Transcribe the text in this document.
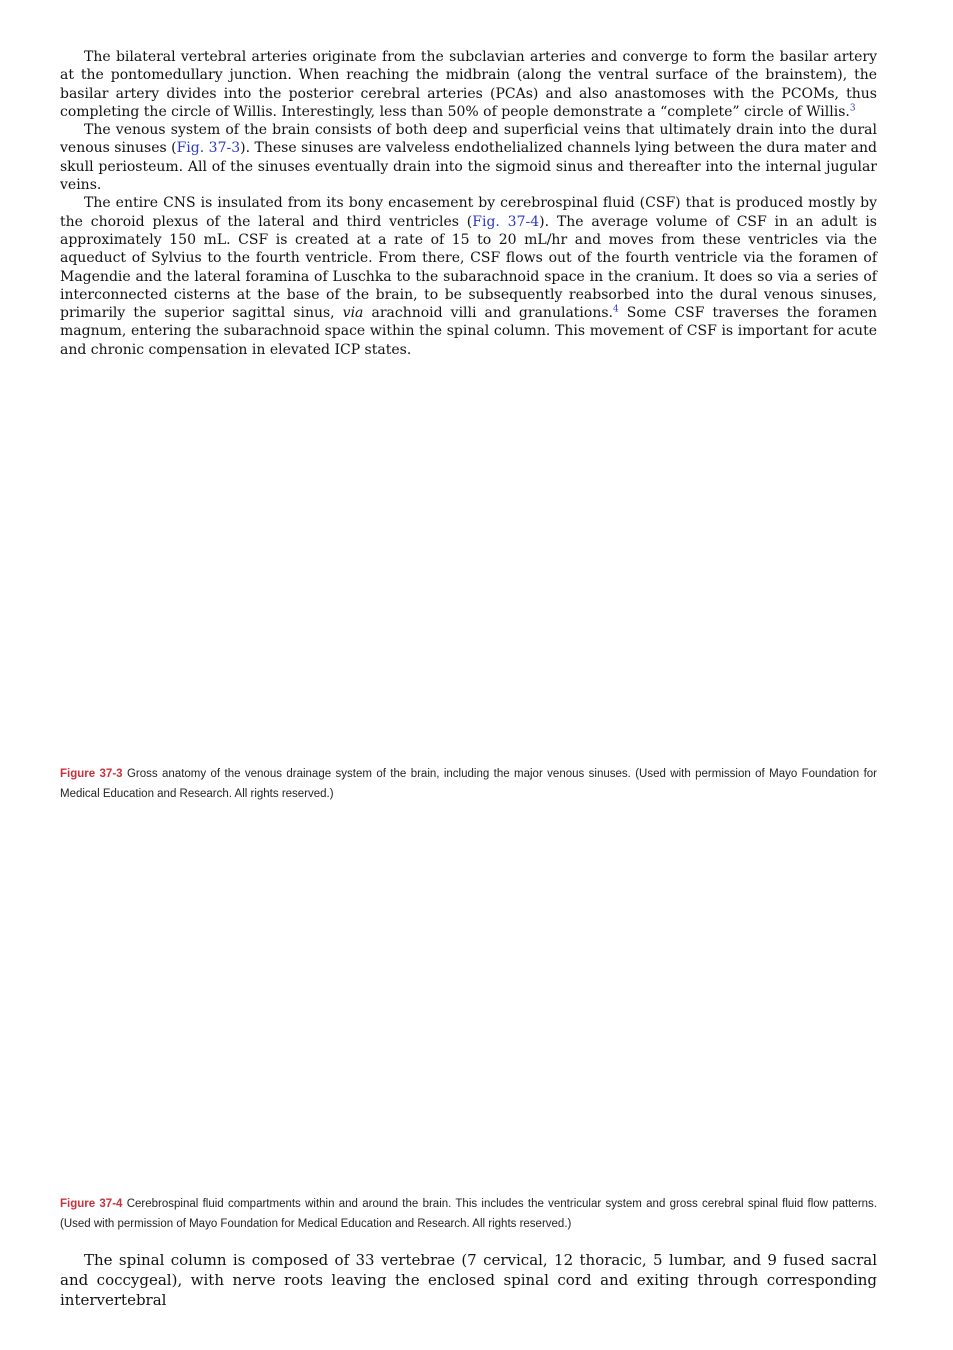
The bilateral vertebral arteries originate from the subclavian arteries and converge to form the basilar artery at the pontomedullary junction. When reaching the midbrain (along the ventral surface of the brainstem), the basilar artery divides into the posterior cerebral arteries (PCAs) and also anastomoses with the PCOMs, thus completing the circle of Willis. Interestingly, less than 50% of people demonstrate a “complete” circle of Willis.$^3$

The venous system of the brain consists of both deep and superficial veins that ultimately drain into the dural venous sinuses (Fig. 37-3). These sinuses are valveless endothelialized channels lying between the dura mater and skull periosteum. All of the sinuses eventually drain into the sigmoid sinus and thereafter into the internal jugular veins.

The entire CNS is insulated from its bony encasement by cerebrospinal fluid (CSF) that is produced mostly by the choroid plexus of the lateral and third ventricles (Fig. 37-4). The average volume of CSF in an adult is approximately 150 mL. CSF is created at a rate of 15 to 20 mL/hr and moves from these ventricles via the aqueduct of Sylvius to the fourth ventricle. From there, CSF flows out of the fourth ventricle via the foramen of Magendie and the lateral foramina of Luschka to the subarachnoid space in the cranium. It does so via a series of interconnected cisterns at the base of the brain, to be subsequently reabsorbed into the dural venous sinuses, primarily the superior sagittal sinus, via arachnoid villi and granulations.$^4$ Some CSF traverses the foramen magnum, entering the subarachnoid space within the spinal column. This movement of CSF is important for acute and chronic compensation in elevated ICP states.

Figure 37-3 Gross anatomy of the venous drainage system of the brain, including the major venous sinuses. (Used with permission of Mayo Foundation for Medical Education and Research. All rights reserved.)
Figure 37-4 Cerebrospinal fluid compartments within and around the brain. This includes the ventricular system and gross cerebral spinal fluid flow patterns. (Used with permission of Mayo Foundation for Medical Education and Research. All rights reserved.)

The spinal column is composed of 33 vertebrae (7 cervical, 12 thoracic, 5 lumbar, and 9 fused sacral and coccygeal), with nerve roots leaving the enclosed spinal cord and exiting through corresponding intervertebral
